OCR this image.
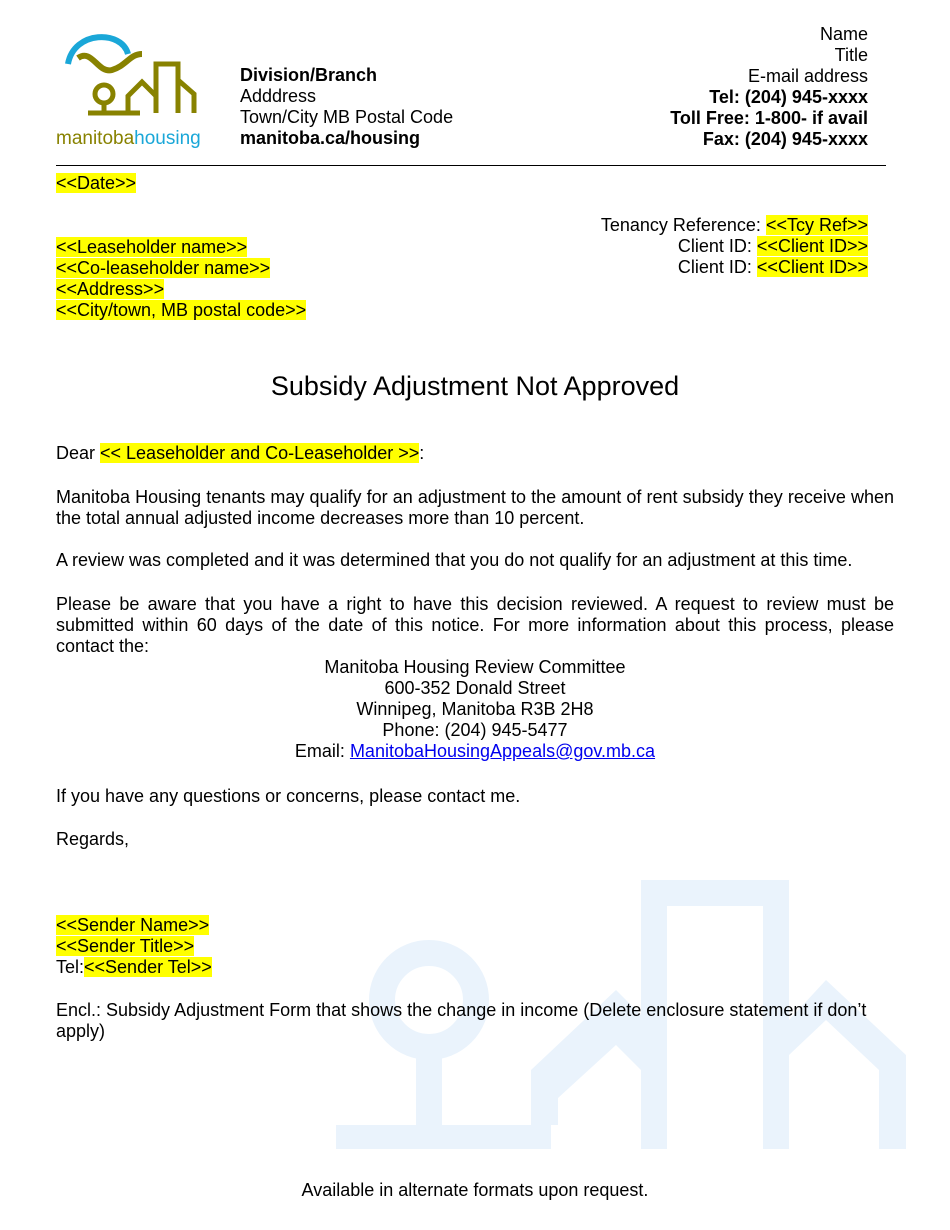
manitobahousing
Division/Branch
Adddress
Town/City MB Postal Code
manitoba.ca/housing
Name
Title
E-mail address
Tel: (204) 945-xxxx
Toll Free: 1-800- if avail
Fax: (204) 945-xxxx
<<Date>>
Tenancy Reference: <<Tcy Ref>>
Client ID: <<Client ID>>
Client ID: <<Client ID>>
<<Leaseholder name>>
<<Co-leaseholder name>>
<<Address>>
<<City/town, MB postal code>>
Subsidy Adjustment Not Approved
Dear << Leaseholder and Co-Leaseholder >>:
Manitoba Housing tenants may qualify for an adjustment to the amount of rent subsidy they receive when the total annual adjusted income decreases more than 10 percent.
A review was completed and it was determined that you do not qualify for an adjustment at this time.
Please be aware that you have a right to have this decision reviewed. A request to review must be submitted within 60 days of the date of this notice. For more information about this process, please contact the:
Manitoba Housing Review Committee
600-352 Donald Street
Winnipeg, Manitoba R3B 2H8
Phone: (204) 945-5477
Email: ManitobaHousingAppeals@gov.mb.ca
If you have any questions or concerns, please contact me.
Regards,
<<Sender Name>>
<<Sender Title>>
Tel:<<Sender Tel>>
Encl.: Subsidy Adjustment Form that shows the change in income (Delete enclosure statement if don’t apply)
Available in alternate formats upon request.
